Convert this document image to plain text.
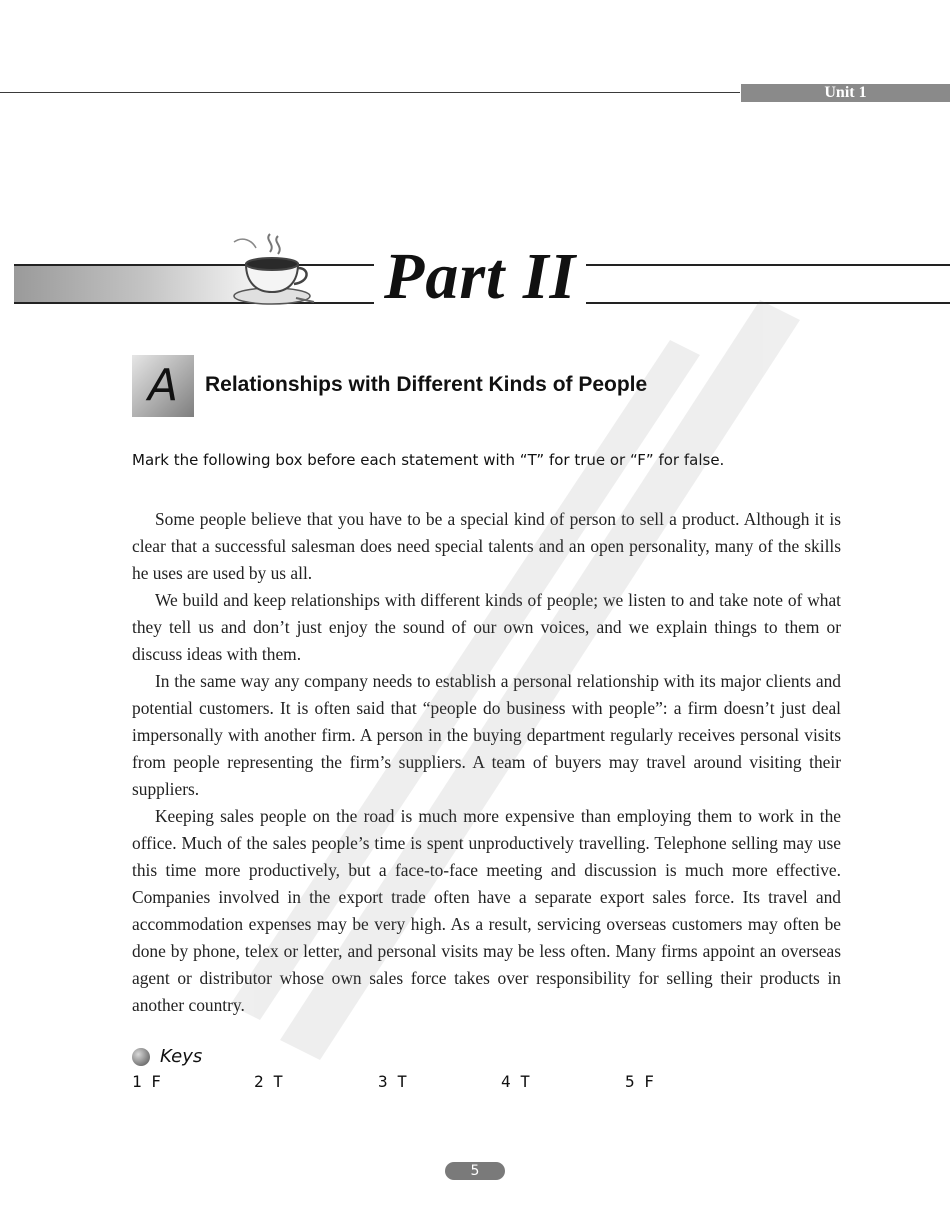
Unit 1
Part II
A Relationships with Different Kinds of People
Mark the following box before each statement with “T” for true or “F” for false.

Some people believe that you have to be a special kind of person to sell a product. Although it is clear that a successful salesman does need special talents and an open personality, many of the skills he uses are used by us all.

We build and keep relationships with different kinds of people; we listen to and take note of what they tell us and don’t just enjoy the sound of our own voices, and we explain things to them or discuss ideas with them.

In the same way any company needs to establish a personal relationship with its major clients and potential customers. It is often said that “people do business with people”: a firm doesn’t just deal impersonally with another firm. A person in the buying department regularly receives personal visits from people representing the firm’s suppliers. A team of buyers may travel around visiting their suppliers.

Keeping sales people on the road is much more expensive than employing them to work in the office. Much of the sales people’s time is spent unproductively travelling. Telephone selling may use this time more productively, but a face-to-face meeting and discussion is much more effective. Companies involved in the export trade often have a separate export sales force. Its travel and accommodation expenses may be very high. As a result, servicing overseas customers may often be done by phone, telex or letter, and personal visits may be less often. Many firms appoint an overseas agent or distributor whose own sales force takes over responsibility for selling their products in another country.

Keys
1 F	2 T	3 T	4 T	5 F
5
